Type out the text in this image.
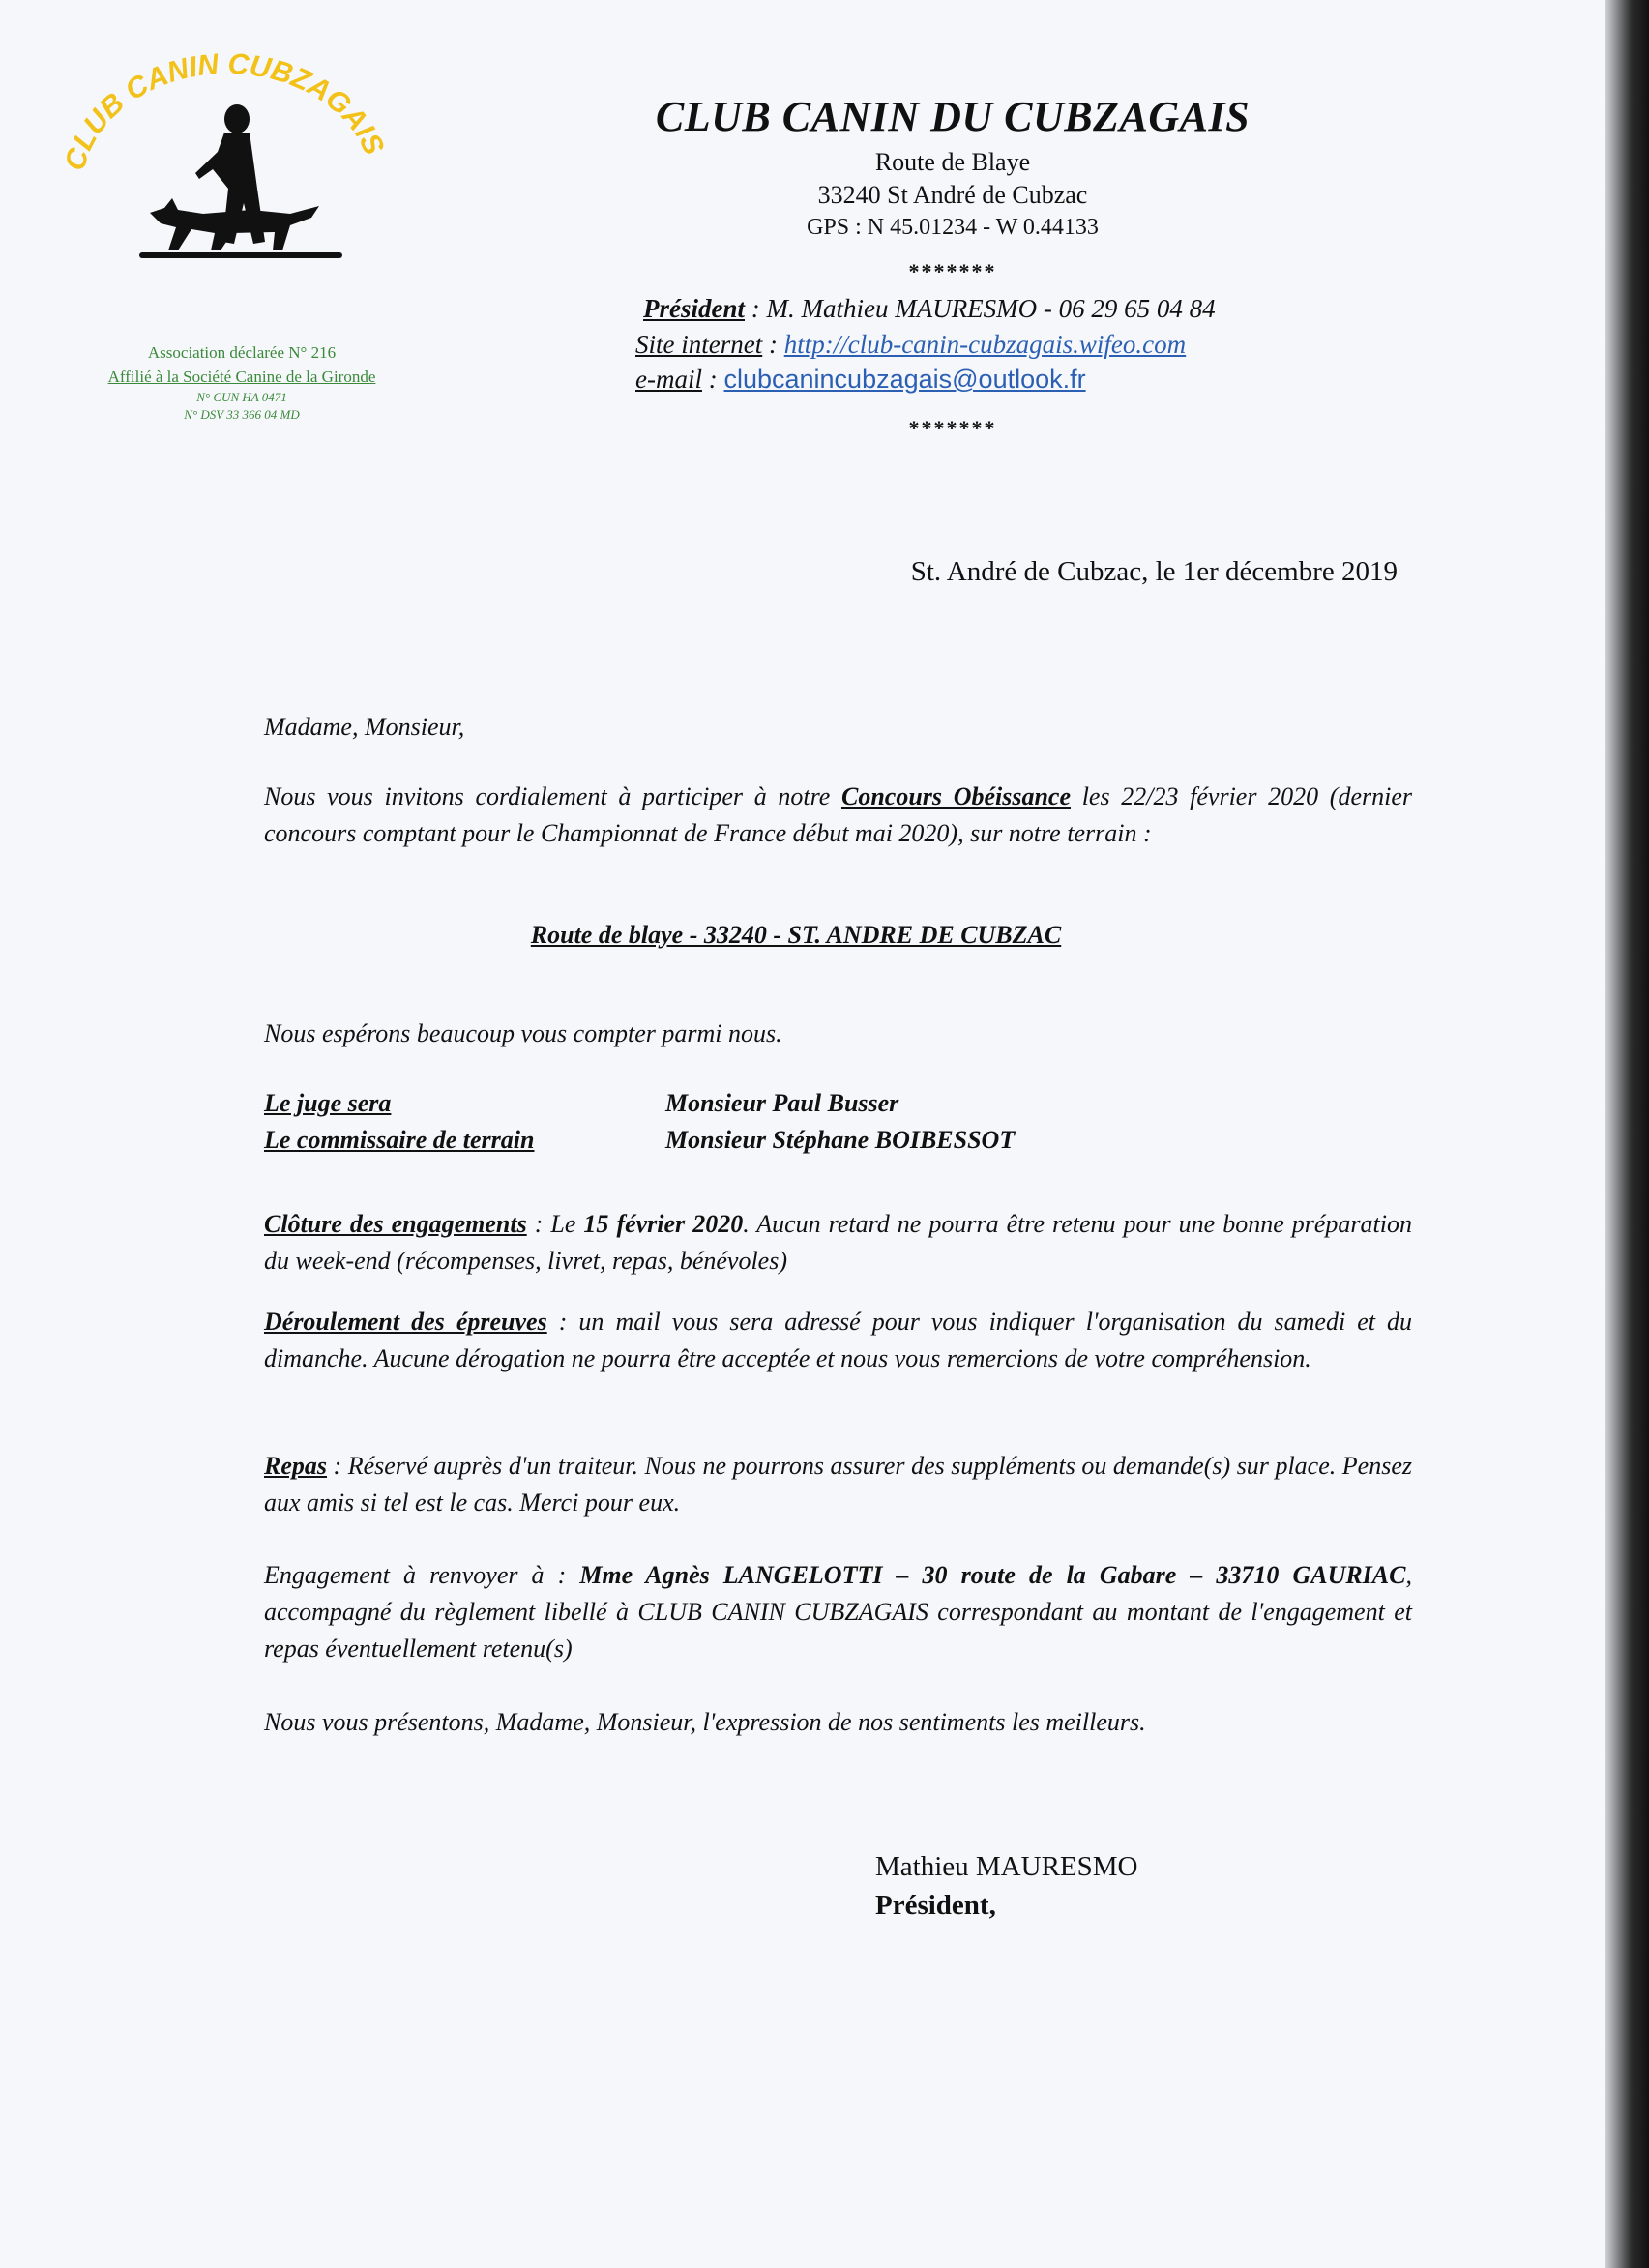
CLUB CANIN CUBZAGAIS
Association déclarée N° 216
Affilié à la Société Canine de la Gironde
N° CUN HA 0471
N° DSV 33 366 04 MD
CLUB CANIN DU CUBZAGAIS
Route de Blaye
33240 St André de Cubzac
GPS : N 45.01234 - W 0.44133
*******
Président : M. Mathieu MAURESMO - 06 29 65 04 84
Site internet : http://club-canin-cubzagais.wifeo.com
e-mail : clubcanincubzagais@outlook.fr
*******
St. André de Cubzac, le 1er décembre 2019
Madame, Monsieur,
Nous vous invitons cordialement à participer à notre Concours Obéissance les 22/23 février 2020 (dernier concours comptant pour le Championnat de France début mai 2020), sur notre terrain :
Route de blaye - 33240 - ST. ANDRE DE CUBZAC
Nous espérons beaucoup vous compter parmi nous.
Le juge sera	Monsieur Paul Busser
Le commissaire de terrain	Monsieur Stéphane BOIBESSOT
Clôture des engagements : Le 15 février 2020. Aucun retard ne pourra être retenu pour une bonne préparation du week-end (récompenses, livret, repas, bénévoles)
Déroulement des épreuves : un mail vous sera adressé pour vous indiquer l'organisation du samedi et du dimanche. Aucune dérogation ne pourra être acceptée et nous vous remercions de votre compréhension.
Repas : Réservé auprès d'un traiteur. Nous ne pourrons assurer des suppléments ou demande(s) sur place. Pensez aux amis si tel est le cas. Merci pour eux.
Engagement à renvoyer à : Mme Agnès LANGELOTTI – 30 route de la Gabare – 33710 GAURIAC, accompagné du règlement libellé à CLUB CANIN CUBZAGAIS correspondant au montant de l'engagement et repas éventuellement retenu(s)
Nous vous présentons, Madame, Monsieur, l'expression de nos sentiments les meilleurs.
Mathieu MAURESMO
Président,
